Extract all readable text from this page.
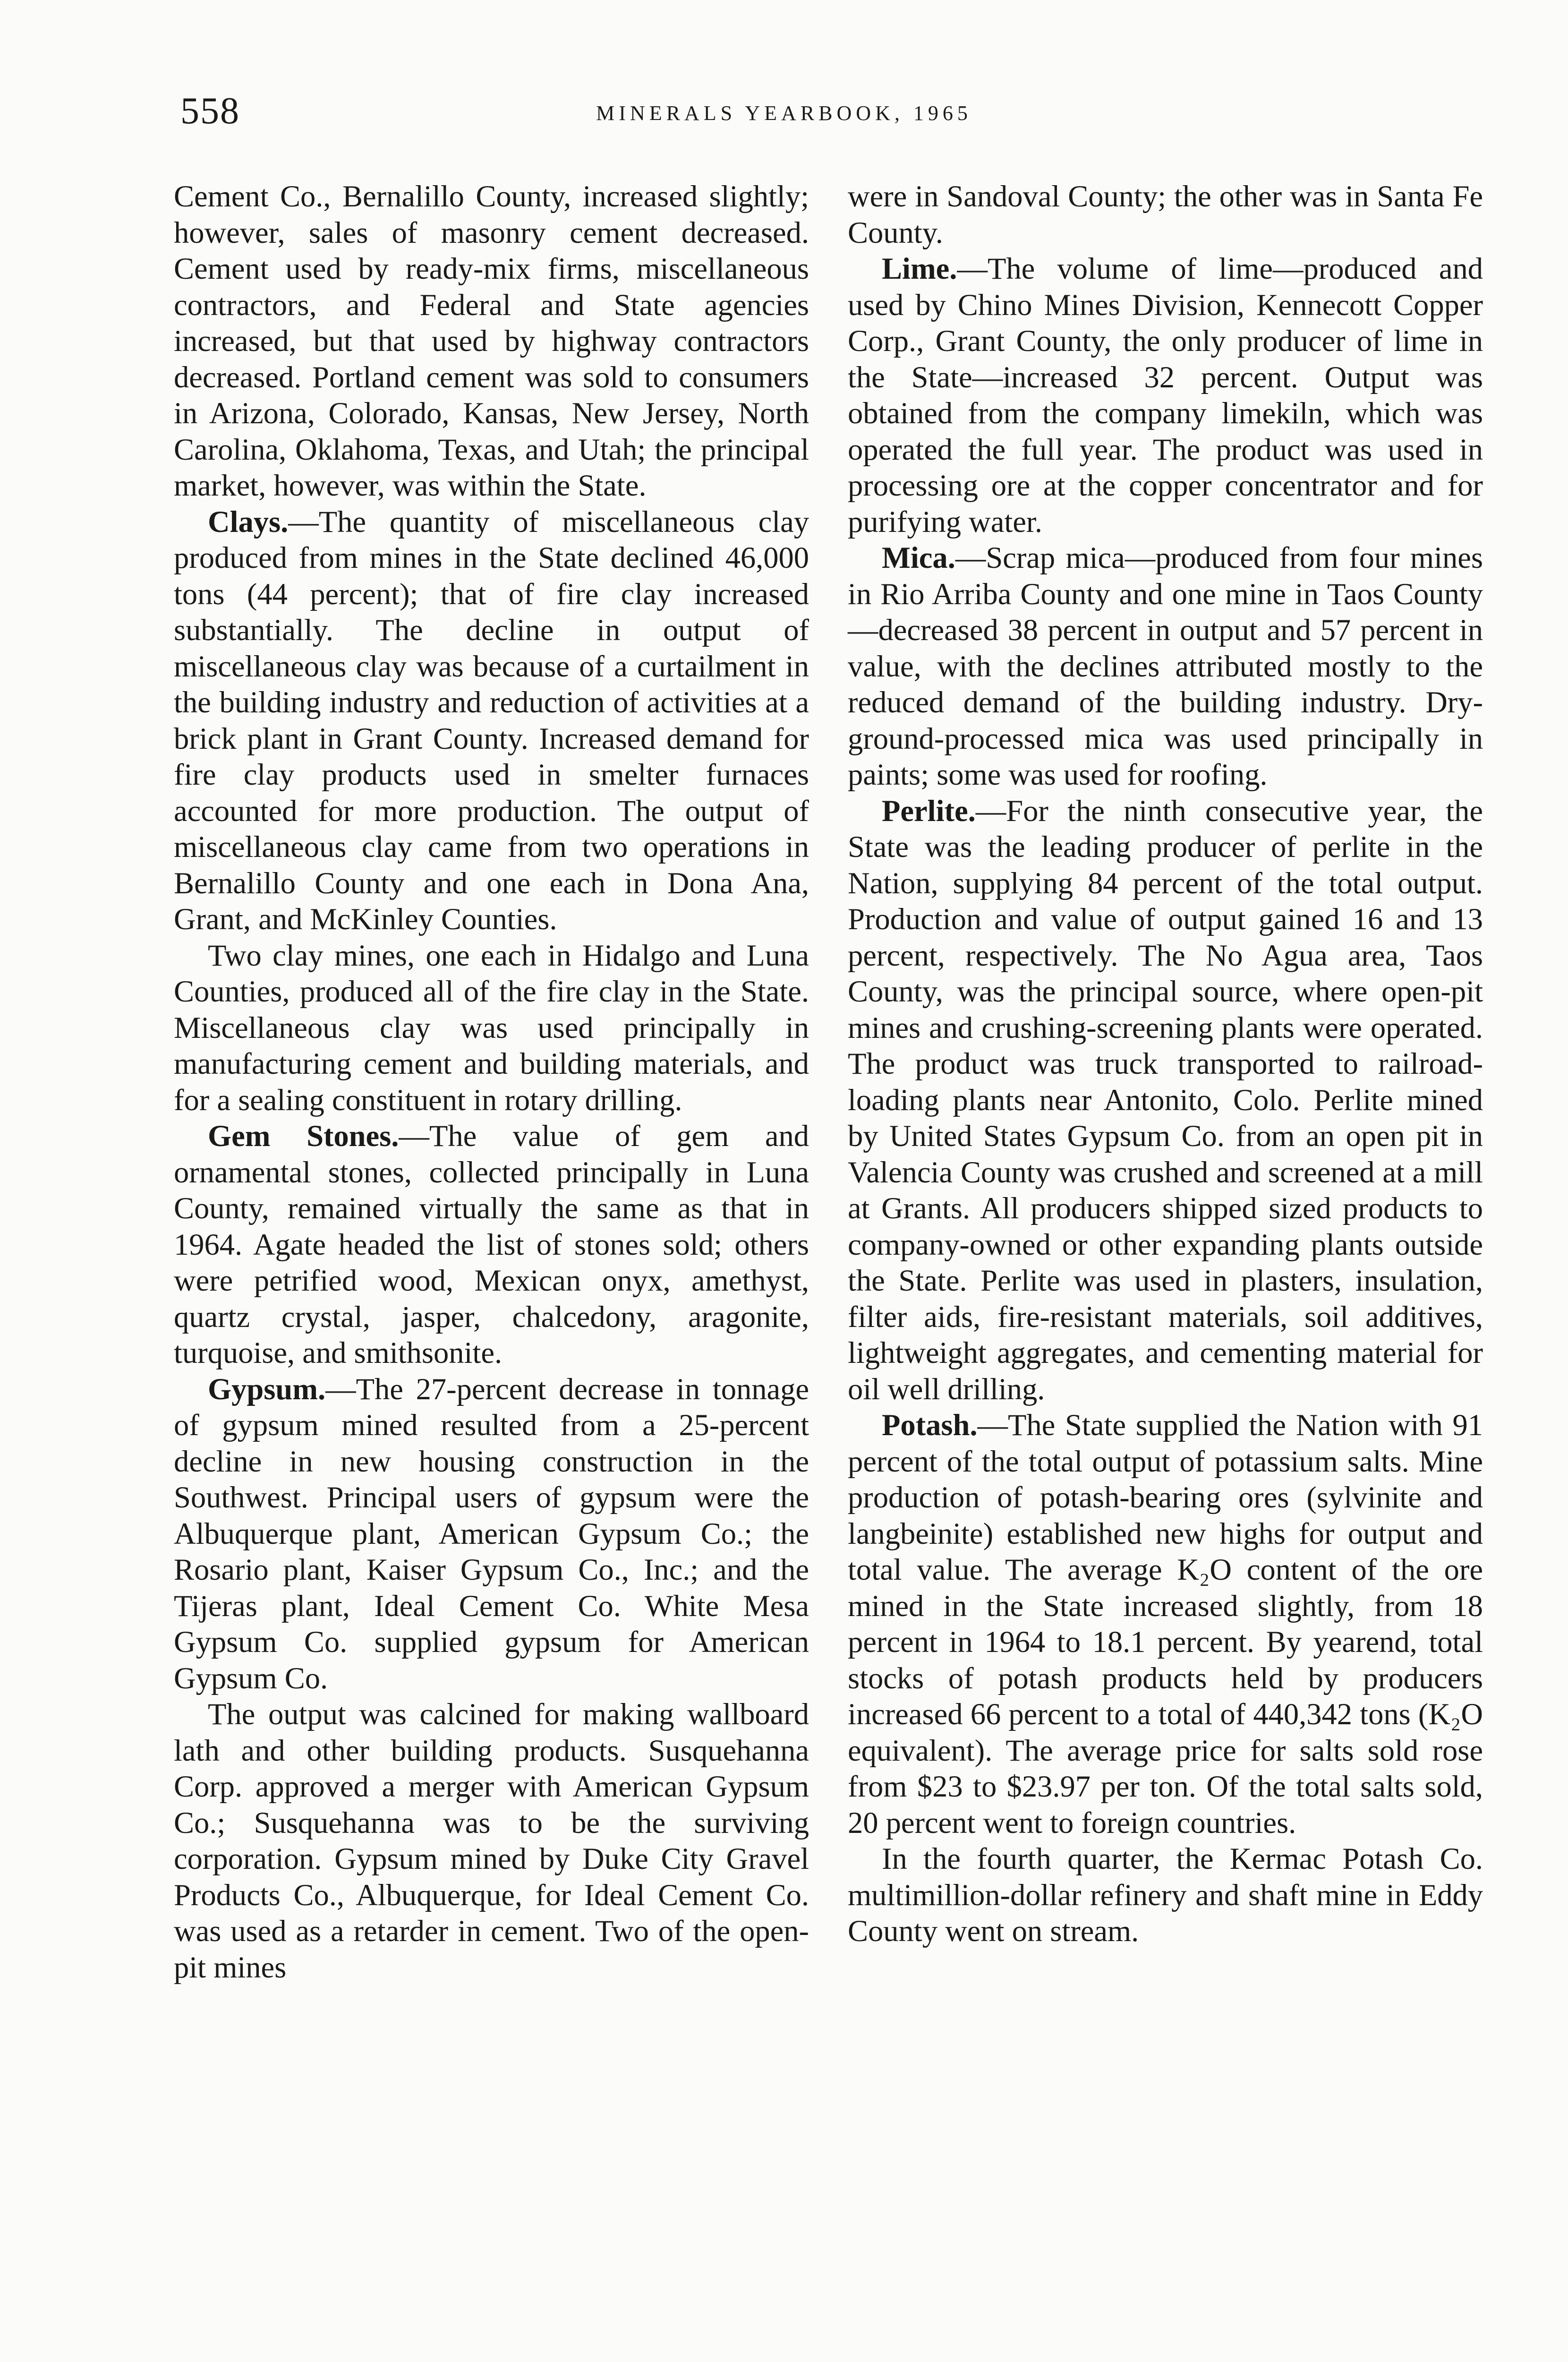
558	MINERALS YEARBOOK, 1965

Cement Co., Bernalillo County, increased slightly; however, sales of masonry cement decreased. Cement used by ready-mix firms, miscellaneous contractors, and Federal and State agencies increased, but that used by highway contractors decreased. Portland cement was sold to consumers in Arizona, Colorado, Kansas, New Jersey, North Carolina, Oklahoma, Texas, and Utah; the principal market, however, was within the State.

Clays.—The quantity of miscellaneous clay produced from mines in the State declined 46,000 tons (44 percent); that of fire clay increased substantially. The decline in output of miscellaneous clay was because of a curtailment in the building industry and reduction of activities at a brick plant in Grant County. Increased demand for fire clay products used in smelter furnaces accounted for more production. The output of miscellaneous clay came from two operations in Bernalillo County and one each in Dona Ana, Grant, and McKinley Counties.

Two clay mines, one each in Hidalgo and Luna Counties, produced all of the fire clay in the State. Miscellaneous clay was used principally in manufacturing cement and building materials, and for a sealing constituent in rotary drilling.

Gem Stones.—The value of gem and ornamental stones, collected principally in Luna County, remained virtually the same as that in 1964. Agate headed the list of stones sold; others were petrified wood, Mexican onyx, amethyst, quartz crystal, jasper, chalcedony, aragonite, turquoise, and smithsonite.

Gypsum.—The 27-percent decrease in tonnage of gypsum mined resulted from a 25-percent decline in new housing construction in the Southwest. Principal users of gypsum were the Albuquerque plant, American Gypsum Co.; the Rosario plant, Kaiser Gypsum Co., Inc.; and the Tijeras plant, Ideal Cement Co. White Mesa Gypsum Co. supplied gypsum for American Gypsum Co.

The output was calcined for making wallboard lath and other building products. Susquehanna Corp. approved a merger with American Gypsum Co.; Susquehanna was to be the surviving corporation. Gypsum mined by Duke City Gravel Products Co., Albuquerque, for Ideal Cement Co. was used as a retarder in cement. Two of the open-pit mines

were in Sandoval County; the other was in Santa Fe County.

Lime.—The volume of lime—produced and used by Chino Mines Division, Kennecott Copper Corp., Grant County, the only producer of lime in the State—increased 32 percent. Output was obtained from the company limekiln, which was operated the full year. The product was used in processing ore at the copper concentrator and for purifying water.

Mica.—Scrap mica—produced from four mines in Rio Arriba County and one mine in Taos County—decreased 38 percent in output and 57 percent in value, with the declines attributed mostly to the reduced demand of the building industry. Dry-ground-processed mica was used principally in paints; some was used for roofing.

Perlite.—For the ninth consecutive year, the State was the leading producer of perlite in the Nation, supplying 84 percent of the total output. Production and value of output gained 16 and 13 percent, respectively. The No Agua area, Taos County, was the principal source, where open-pit mines and crushing-screening plants were operated. The product was truck transported to railroad-loading plants near Antonito, Colo. Perlite mined by United States Gypsum Co. from an open pit in Valencia County was crushed and screened at a mill at Grants. All producers shipped sized products to company-owned or other expanding plants outside the State. Perlite was used in plasters, insulation, filter aids, fire-resistant materials, soil additives, lightweight aggregates, and cementing material for oil well drilling.

Potash.—The State supplied the Nation with 91 percent of the total output of potassium salts. Mine production of potash-bearing ores (sylvinite and langbeinite) established new highs for output and total value. The average K₂O content of the ore mined in the State increased slightly, from 18 percent in 1964 to 18.1 percent. By yearend, total stocks of potash products held by producers increased 66 percent to a total of 440,342 tons (K₂O equivalent). The average price for salts sold rose from $23 to $23.97 per ton. Of the total salts sold, 20 percent went to foreign countries.

In the fourth quarter, the Kermac Potash Co. multimillion-dollar refinery and shaft mine in Eddy County went on stream.
